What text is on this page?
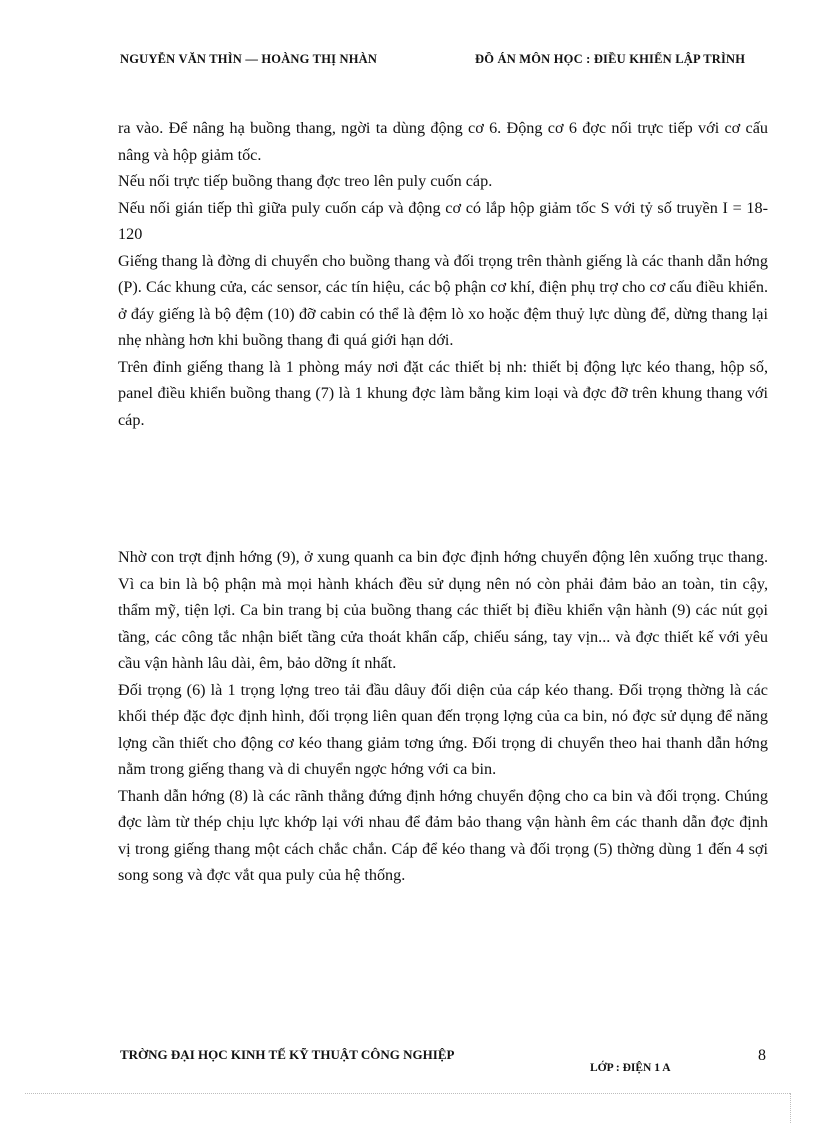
NGUYỄN VĂN THÌN — HOÀNG THỊ NHÀN	ĐỒ ÁN MÔN HỌC : ĐIỀU KHIỂN LẬP TRÌNH

ra vào. Để nâng hạ buồng thang, ngời ta dùng động cơ 6. Động cơ 6 đợc nối trực tiếp với cơ cấu nâng và hộp giảm tốc.

Nếu nối trực tiếp buồng thang đợc treo lên puly cuốn cáp.

Nếu nối gián tiếp thì giữa puly cuốn cáp và động cơ có lắp hộp giảm tốc S với tỷ số truyền I = 18-120

Giếng thang là đờng di chuyển cho buồng thang và đối trọng trên thành giếng là các thanh dẫn hớng (P). Các khung cửa, các sensor, các tín hiệu, các bộ phận cơ khí, điện phụ trợ cho cơ cấu điều khiển. ở đáy giếng là bộ đệm (10) đỡ cabin có thể là đệm lò xo hoặc đệm thuỷ lực dùng để, dừng thang lại nhẹ nhàng hơn khi buồng thang đi quá giới hạn dới.

Trên đỉnh giếng thang là 1 phòng máy nơi đặt các thiết bị nh: thiết bị động lực kéo thang, hộp số, panel điều khiển buồng thang (7) là 1 khung đợc làm bằng kim loại và đợc đỡ trên khung thang với cáp.

Nhờ con trợt định hớng (9), ở xung quanh ca bin đợc định hớng chuyển động lên xuống trục thang. Vì ca bin là bộ phận mà mọi hành khách đều sử dụng nên nó còn phải đảm bảo an toàn, tin cậy, thẩm mỹ, tiện lợi. Ca bin trang bị của buồng thang các thiết bị điều khiển vận hành (9) các nút gọi tầng, các công tắc nhận biết tầng cửa thoát khẩn cấp, chiếu sáng, tay vịn... và đợc thiết kế với yêu cầu vận hành lâu dài, êm, bảo dỡng ít nhất.

Đối trọng (6) là 1 trọng lợng treo tải đầu dâuy đối diện của cáp kéo thang. Đối trọng thờng là các khối thép đặc đợc định hình, đối trọng liên quan đến trọng lợng của ca bin, nó đợc sử dụng để năng lợng cần thiết cho động cơ kéo thang giảm tơng ứng. Đối trọng di chuyển theo hai thanh dẫn hớng nằm trong giếng thang và di chuyển ngợc hớng với ca bin.

Thanh dẫn hớng (8) là các rãnh thẳng đứng định hớng chuyển động cho ca bin và đối trọng. Chúng đợc làm từ thép chịu lực khớp lại với nhau để đảm bảo thang vận hành êm các thanh dẫn đợc định vị trong giếng thang một cách chắc chắn. Cáp để kéo thang và đối trọng (5) thờng dùng 1 đến 4 sợi song song và đợc vắt qua puly của hệ thống.

TRỜNG ĐẠI HỌC KINH TẾ KỸ THUẬT CÔNG NGHIỆP
LỚP : ĐIỆN 1 A
8
